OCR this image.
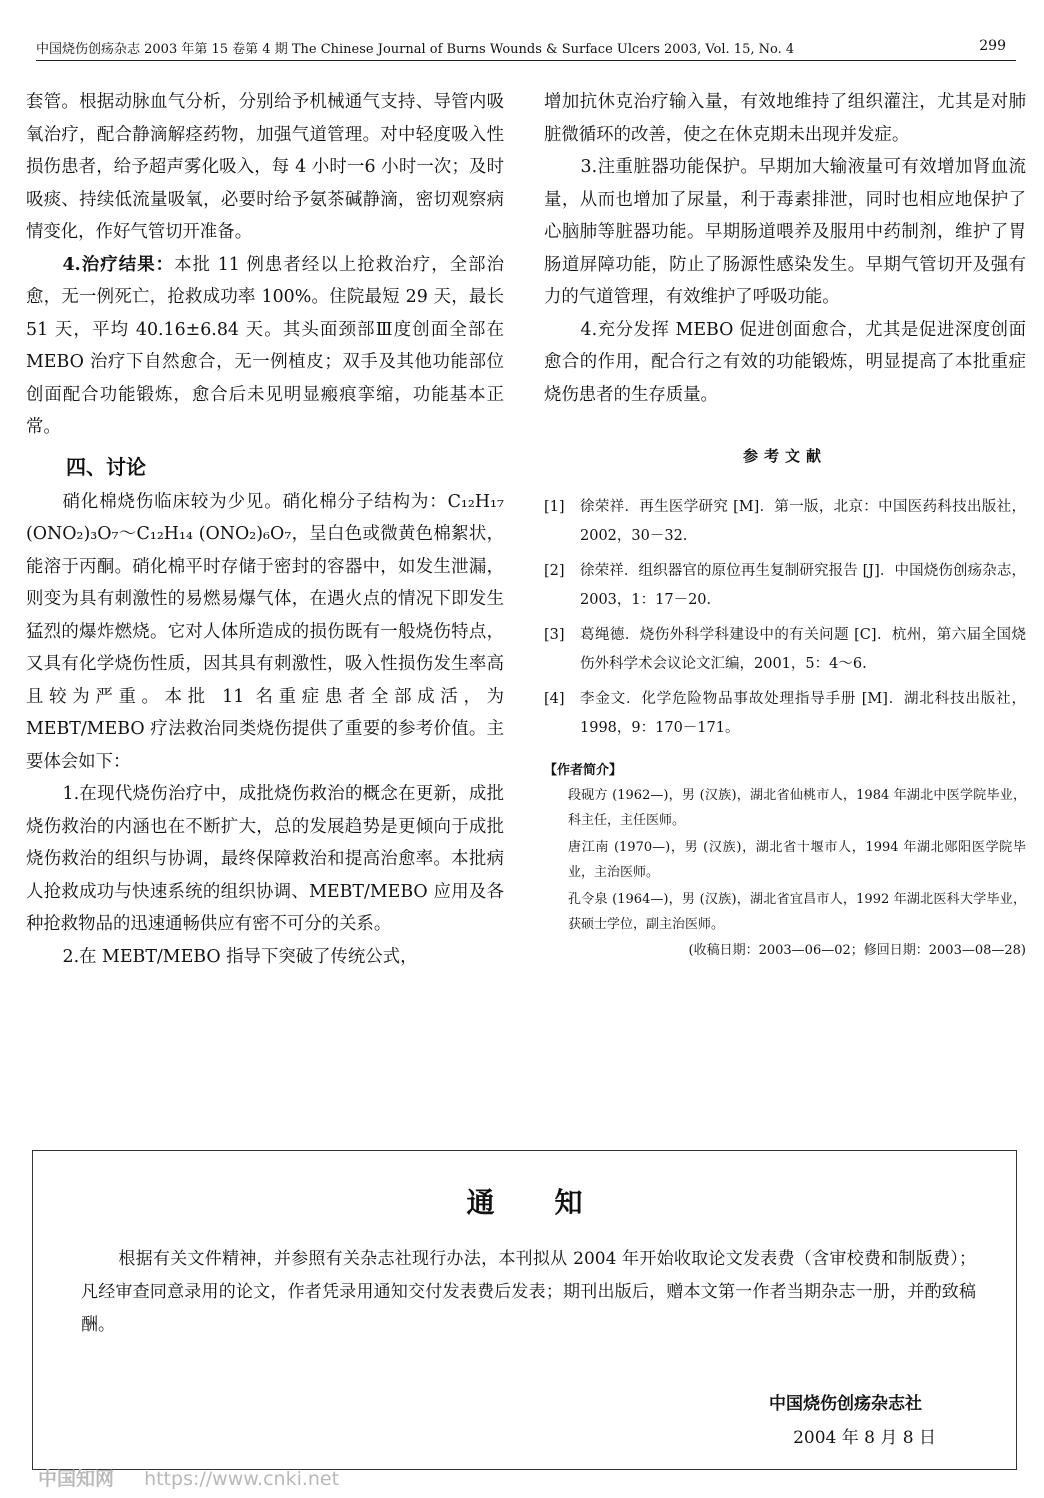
中国烧伤创疡杂志 2003 年第 15 卷第 4 期 The Chinese Journal of Burns Wounds & Surface Ulcers 2003, Vol. 15, No. 4	299

套管。根据动脉血气分析，分别给予机械通气支持、导管内吸氧治疗，配合静滴解痉药物，加强气道管理。对中轻度吸入性损伤患者，给予超声雾化吸入，每 4 小时一6 小时一次；及时吸痰、持续低流量吸氧，必要时给予氨茶碱静滴，密切观察病情变化，作好气管切开准备。

4.治疗结果：本批 11 例患者经以上抢救治疗，全部治愈，无一例死亡，抢救成功率 100%。住院最短 29 天，最长 51 天，平均 40.16±6.84 天。其头面颈部Ⅲ度创面全部在 MEBO 治疗下自然愈合，无一例植皮；双手及其他功能部位创面配合功能锻炼，愈合后未见明显瘢痕挛缩，功能基本正常。

四、讨论

硝化棉烧伤临床较为少见。硝化棉分子结构为：C₁₂H₁₇ (ONO₂)₃O₇～C₁₂H₁₄ (ONO₂)₆O₇，呈白色或微黄色棉絮状，能溶于丙酮。硝化棉平时存储于密封的容器中，如发生泄漏，则变为具有刺激性的易燃易爆气体，在遇火点的情况下即发生猛烈的爆炸燃烧。它对人体所造成的损伤既有一般烧伤特点，又具有化学烧伤性质，因其具有刺激性，吸入性损伤发生率高且较为严重。本批 11 名重症患者全部成活，为 MEBT/MEBO 疗法救治同类烧伤提供了重要的参考价值。主要体会如下：

1.在现代烧伤治疗中，成批烧伤救治的概念在更新，成批烧伤救治的内涵也在不断扩大，总的发展趋势是更倾向于成批烧伤救治的组织与协调，最终保障救治和提高治愈率。本批病人抢救成功与快速系统的组织协调、MEBT/MEBO 应用及各种抢救物品的迅速通畅供应有密不可分的关系。

2.在 MEBT/MEBO 指导下突破了传统公式，

增加抗休克治疗输入量，有效地维持了组织灌注，尤其是对肺脏微循环的改善，使之在休克期未出现并发症。

3.注重脏器功能保护。早期加大输液量可有效增加肾血流量，从而也增加了尿量，利于毒素排泄，同时也相应地保护了心脑肺等脏器功能。早期肠道喂养及服用中药制剂，维护了胃肠道屏障功能，防止了肠源性感染发生。早期气管切开及强有力的气道管理，有效维护了呼吸功能。

4.充分发挥 MEBO 促进创面愈合，尤其是促进深度创面愈合的作用，配合行之有效的功能锻炼，明显提高了本批重症烧伤患者的生存质量。

参考文献
[1]	徐荣祥．再生医学研究 [M]．第一版，北京：中国医药科技出版社，2002，30－32.
[2]	徐荣祥．组织器官的原位再生复制研究报告 [J]．中国烧伤创疡杂志，2003，1：17－20.
[3]	葛绳德．烧伤外科学科建设中的有关问题 [C]．杭州，第六届全国烧伤外科学术会议论文汇编，2001，5：4～6.
[4]	李金文．化学危险物品事故处理指导手册 [M]．湖北科技出版社，1998，9：170－171。
【作者简介】

段砚方 (1962—)，男 (汉族)，湖北省仙桃市人，1984 年湖北中医学院毕业，科主任，主任医师。

唐江南 (1970—)，男 (汉族)，湖北省十堰市人，1994 年湖北郧阳医学院毕业，主治医师。

孔令泉 (1964—)，男 (汉族)，湖北省宜昌市人，1992 年湖北医科大学毕业，获硕士学位，副主治医师。

(收稿日期：2003—06—02；修回日期：2003—08—28)
通知
根据有关文件精神，并参照有关杂志社现行办法，本刊拟从 2004 年开始收取论文发表费（含审校费和制版费）；凡经审查同意录用的论文，作者凭录用通知交付发表费后发表；期刊出版后，赠本文第一作者当期杂志一册，并酌致稿酬。
中国烧伤创疡杂志社
2004 年 8 月 8 日
中国知网 https://www.cnki.net
